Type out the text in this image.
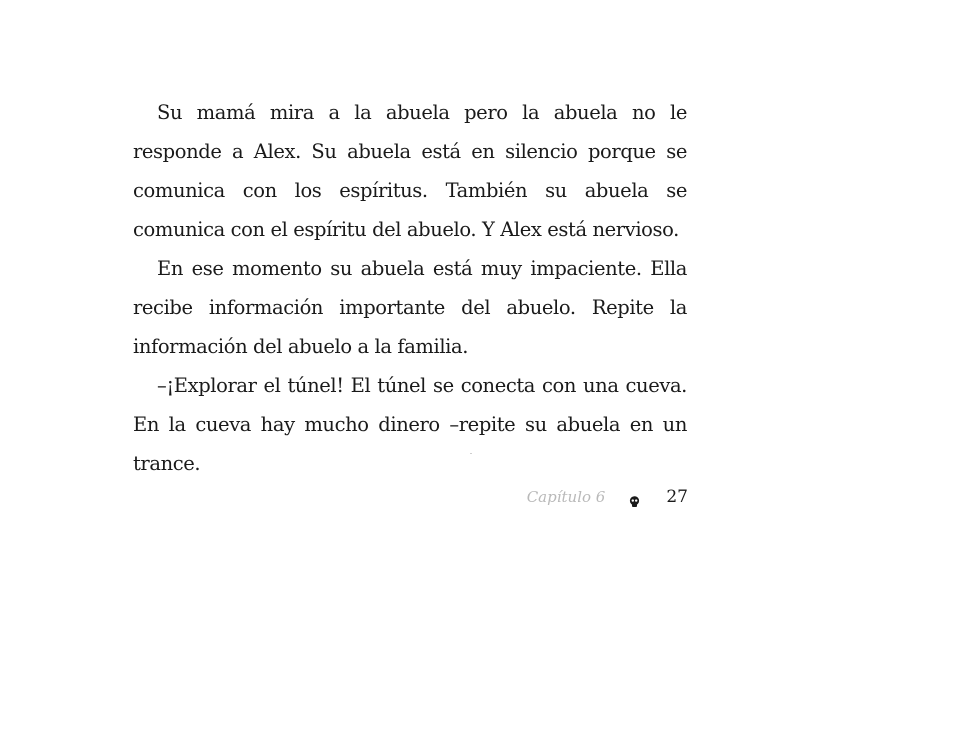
Su mamá mira a la abuela pero la abuela no le responde a Alex. Su abuela está en silencio porque se comunica con los espíritus. También su abuela se comunica con el espíritu del abuelo. Y Alex está nervioso.

En ese momento su abuela está muy impaciente. Ella recibe información importante del abuelo. Repite la información del abuelo a la familia.

–¡Explorar el túnel! El túnel se conecta con una cueva. En la cueva hay mucho dinero –repite su abuela en un trance.

Capítulo 6	27
